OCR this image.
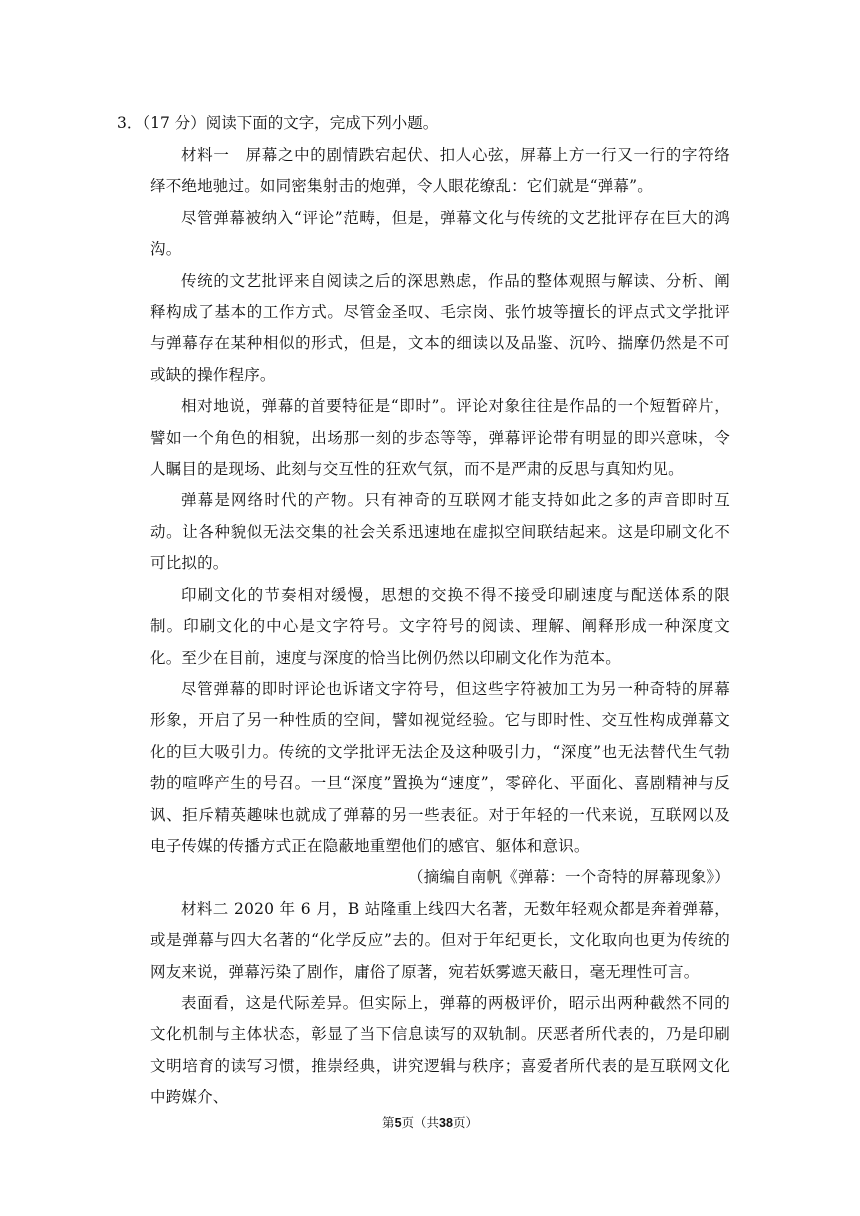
3．（17 分）阅读下面的文字，完成下列小题。

材料一　屏幕之中的剧情跌宕起伏、扣人心弦，屏幕上方一行又一行的字符络绎不绝地驰过。如同密集射击的炮弹，令人眼花缭乱：它们就是“弹幕”。

尽管弹幕被纳入“评论”范畴，但是，弹幕文化与传统的文艺批评存在巨大的鸿沟。

传统的文艺批评来自阅读之后的深思熟虑，作品的整体观照与解读、分析、阐释构成了基本的工作方式。尽管金圣叹、毛宗岗、张竹坡等擅长的评点式文学批评与弹幕存在某种相似的形式，但是，文本的细读以及品鉴、沉吟、揣摩仍然是不可或缺的操作程序。

相对地说，弹幕的首要特征是“即时”。评论对象往往是作品的一个短暂碎片，譬如一个角色的相貌，出场那一刻的步态等等，弹幕评论带有明显的即兴意味，令人瞩目的是现场、此刻与交互性的狂欢气氛，而不是严肃的反思与真知灼见。

弹幕是网络时代的产物。只有神奇的互联网才能支持如此之多的声音即时互动。让各种貌似无法交集的社会关系迅速地在虚拟空间联结起来。这是印刷文化不可比拟的。

印刷文化的节奏相对缓慢，思想的交换不得不接受印刷速度与配送体系的限制。印刷文化的中心是文字符号。文字符号的阅读、理解、阐释形成一种深度文化。至少在目前，速度与深度的恰当比例仍然以印刷文化作为范本。

尽管弹幕的即时评论也诉诸文字符号，但这些字符被加工为另一种奇特的屏幕形象，开启了另一种性质的空间，譬如视觉经验。它与即时性、交互性构成弹幕文化的巨大吸引力。传统的文学批评无法企及这种吸引力，“深度”也无法替代生气勃勃的喧哗产生的号召。一旦“深度”置换为“速度”，零碎化、平面化、喜剧精神与反讽、拒斥精英趣味也就成了弹幕的另一些表征。对于年轻的一代来说，互联网以及电子传媒的传播方式正在隐蔽地重塑他们的感官、躯体和意识。

（摘编自南帆《弹幕：一个奇特的屏幕现象》）

材料二 2020 年 6 月，B 站隆重上线四大名著，无数年轻观众都是奔着弹幕，或是弹幕与四大名著的“化学反应”去的。但对于年纪更长，文化取向也更为传统的网友来说，弹幕污染了剧作，庸俗了原著，宛若妖雾遮天蔽日，毫无理性可言。

表面看，这是代际差异。但实际上，弹幕的两极评价，昭示出两种截然不同的文化机制与主体状态，彰显了当下信息读写的双轨制。厌恶者所代表的，乃是印刷文明培育的读写习惯，推崇经典，讲究逻辑与秩序；喜爱者所代表的是互联网文化中跨媒介、

第5页（共38页）
